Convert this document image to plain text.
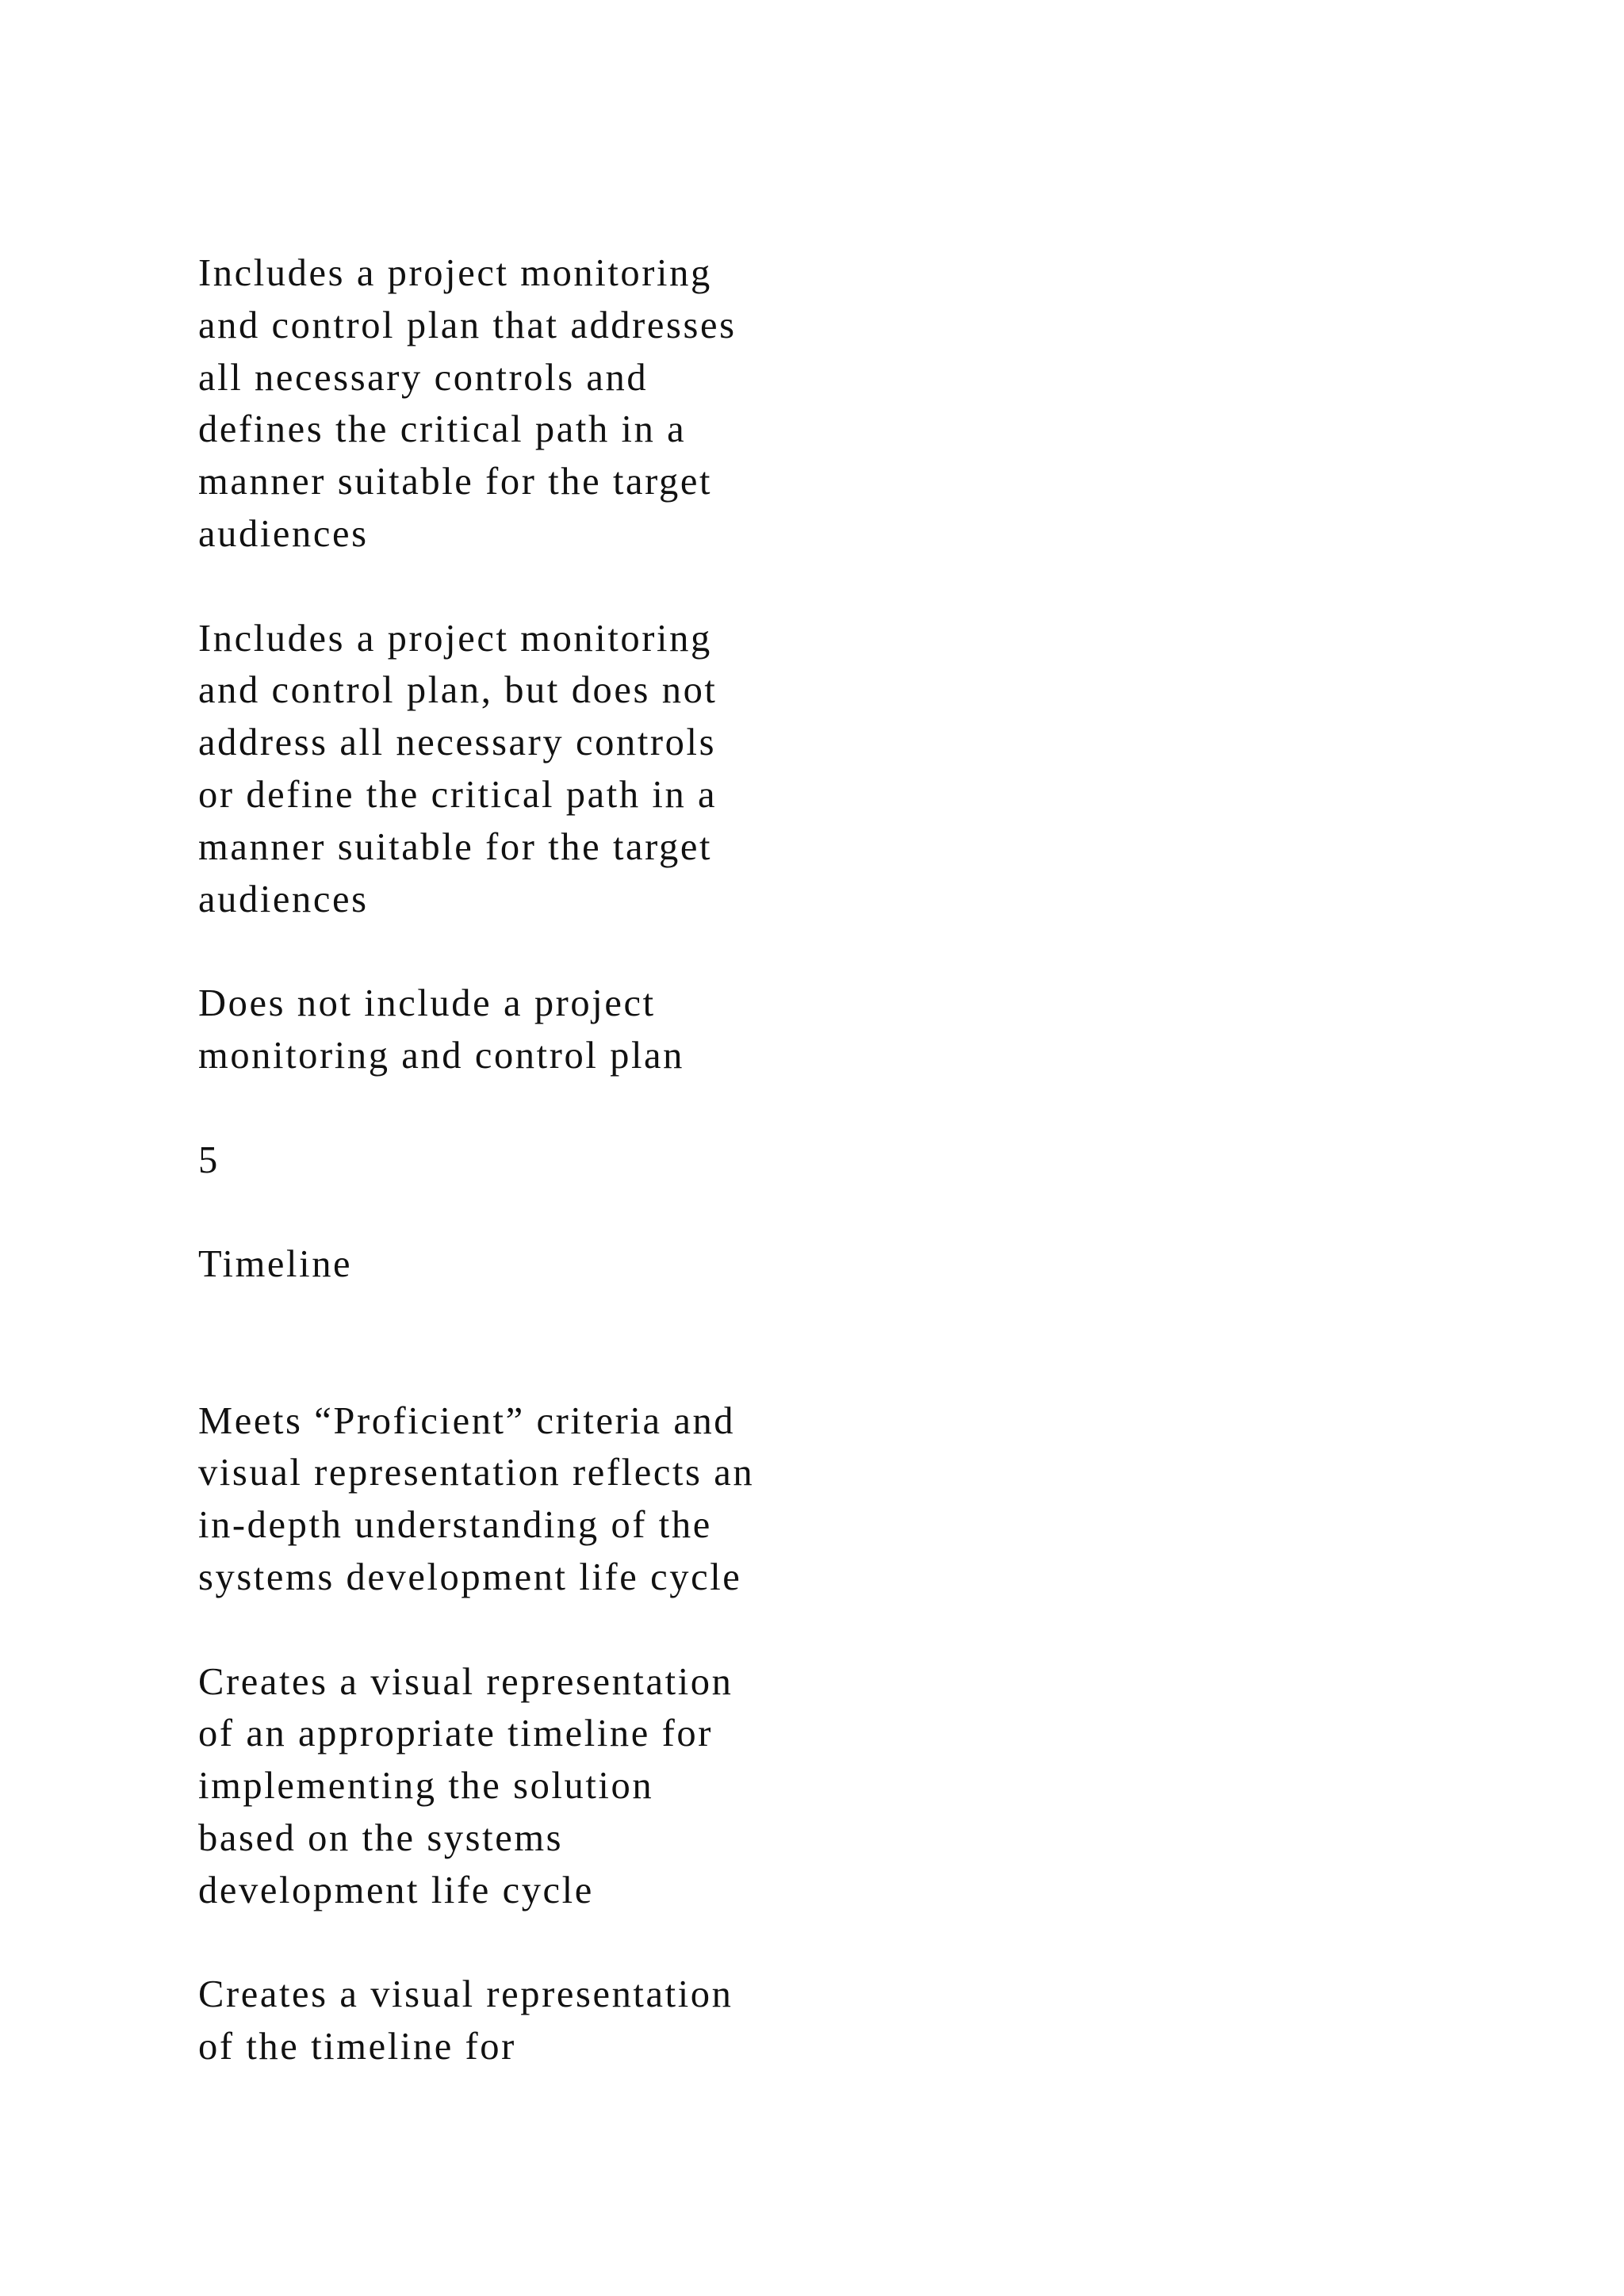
Includes a project monitoring
and control plan that addresses
all necessary controls and
defines the critical path in a
manner suitable for the target
audiences

Includes a project monitoring
and control plan, but does not
address all necessary controls
or define the critical path in a
manner suitable for the target
audiences

Does not include a project
monitoring and control plan

5

Timeline

Meets “Proficient” criteria and
visual representation reflects an
in-depth understanding of the
systems development life cycle

Creates a visual representation
of an appropriate timeline for
implementing the solution
based on the systems
development life cycle

Creates a visual representation
of the timeline for
